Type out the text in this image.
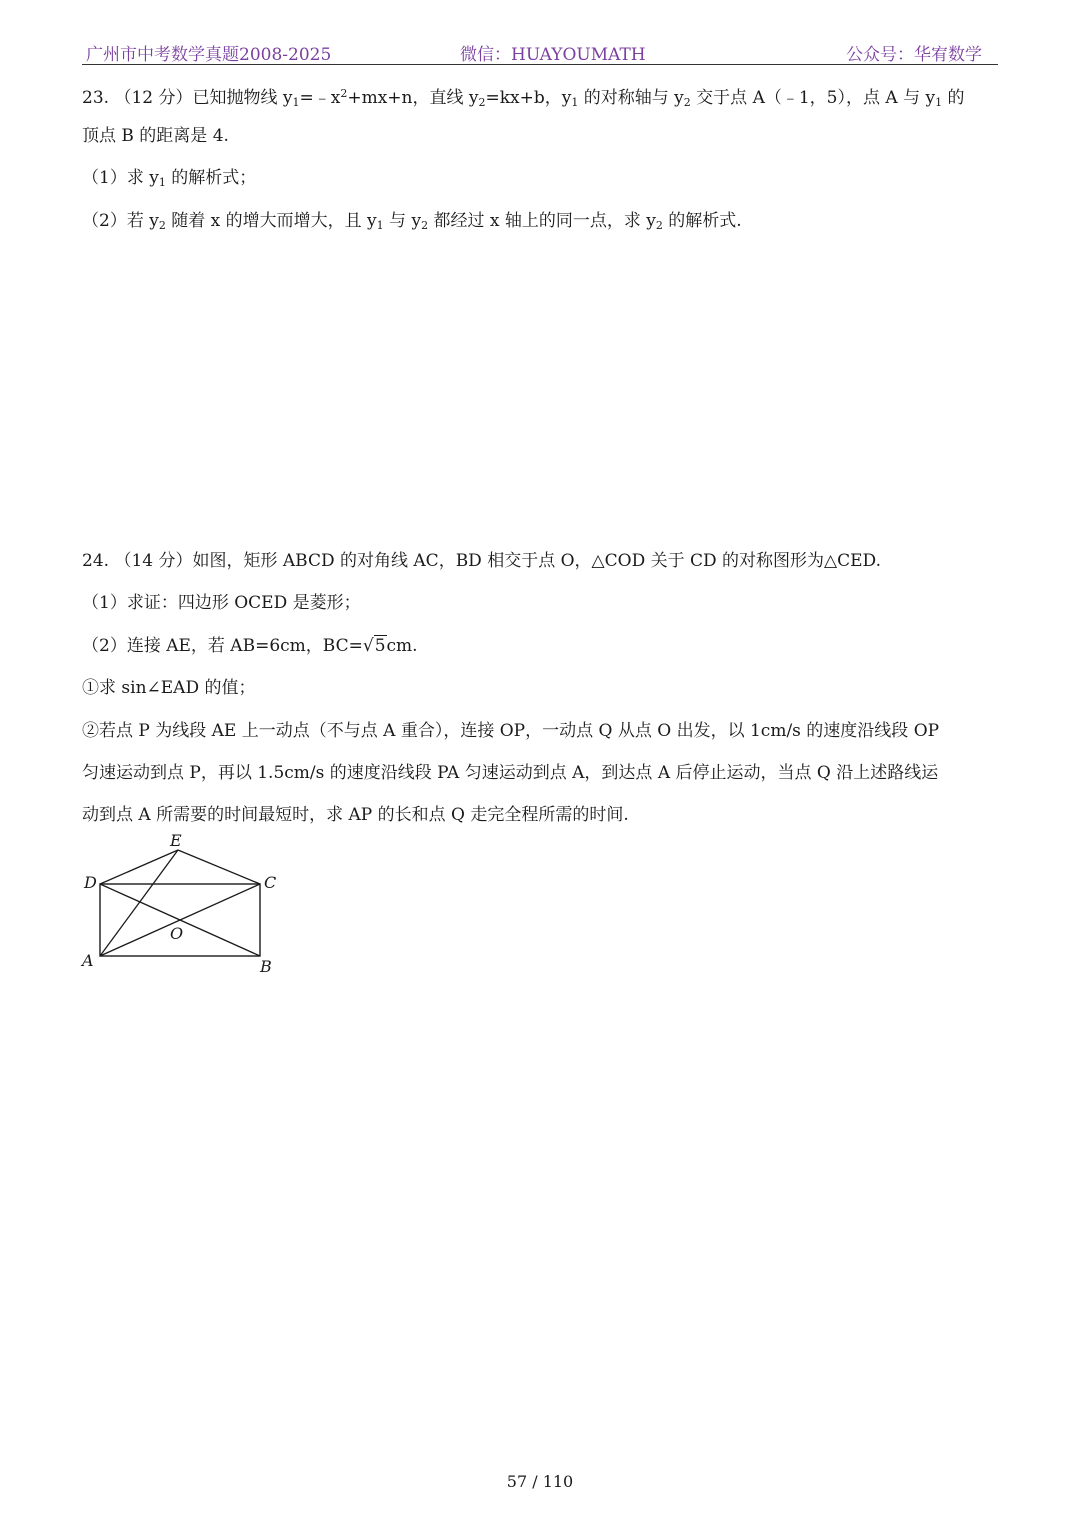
广州市中考数学真题2008-2025	微信：HUAYOUMATH	公众号：华宥数学
23. （12 分）已知抛物线 $y_1=﹣x^2+mx+n$，直线 $y_2=kx+b$，$y_1$ 的对称轴与 $y_2$ 交于点 A（﹣1，5），点 A 与 $y_1$ 的
顶点 B 的距离是 4.
（1）求 $y_1$ 的解析式；
（2）若 $y_2$ 随着 x 的增大而增大，且 $y_1$ 与 $y_2$ 都经过 x 轴上的同一点，求 $y_2$ 的解析式.
24. （14 分）如图，矩形 ABCD 的对角线 AC，BD 相交于点 O，△COD 关于 CD 的对称图形为△CED.
（1）求证：四边形 OCED 是菱形；
（2）连接 AE，若 AB=6cm，BC=√5cm.
①求 sin∠EAD 的值；
②若点 P 为线段 AE 上一动点（不与点 A 重合），连接 OP，一动点 Q 从点 O 出发，以 1cm/s 的速度沿线段 OP
匀速运动到点 P，再以 1.5cm/s 的速度沿线段 PA 匀速运动到点 A，到达点 A 后停止运动，当点 Q 沿上述路线运
动到点 A 所需要的时间最短时，求 AP 的长和点 Q 走完全程所需的时间.
E
D	C
O
A	B
57 / 110
